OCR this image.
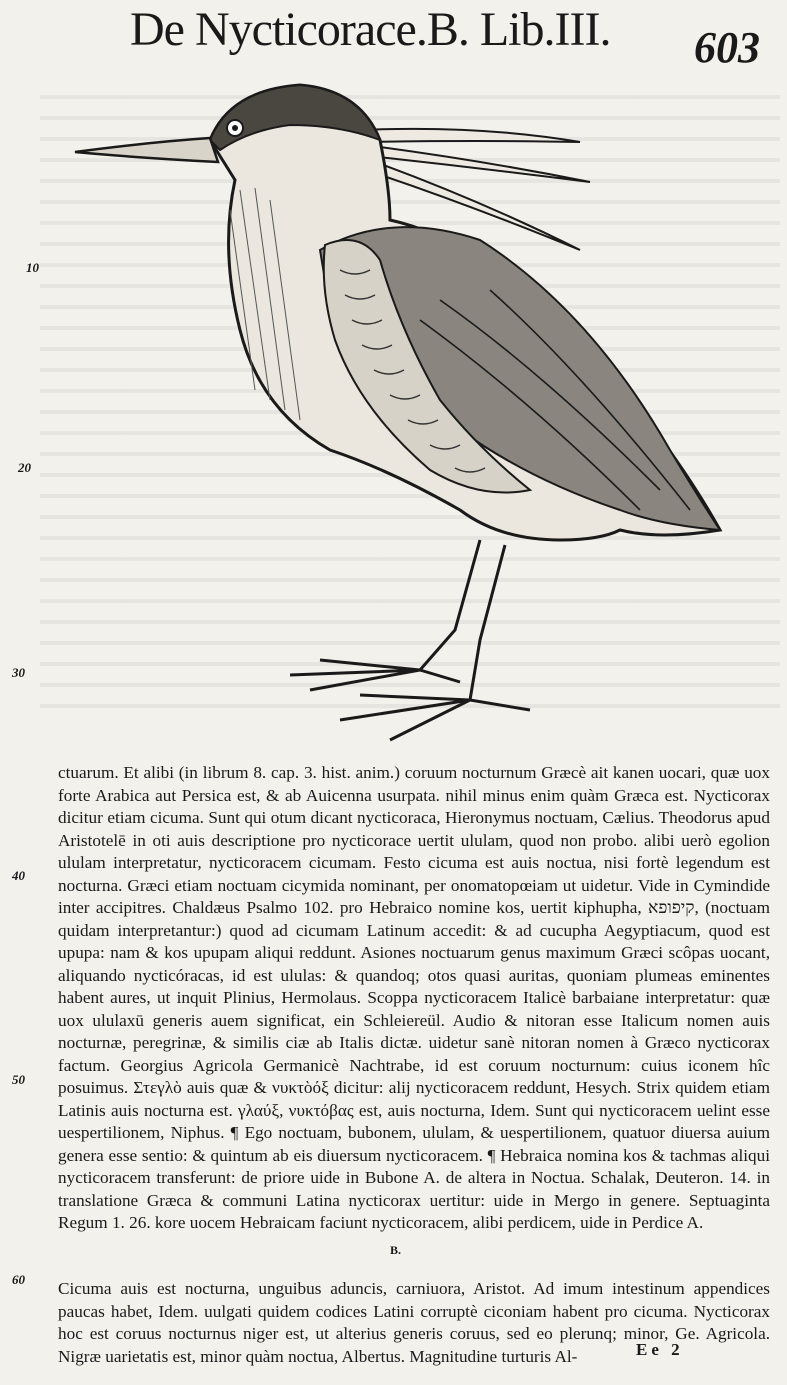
De Nycticorace.B. Lib.III. 603
10
20
30
40
50
60

ctuarum. Et alibi (in librum 8. cap. 3. hist. anim.) coruum nocturnum Græcè ait kanen uocari, quæ uox forte Arabica aut Persica est, & ab Auicenna usurpata. nihil minus enim quàm Græca est. Nycticorax dicitur etiam cicuma. Sunt qui otum dicant nycticoraca, Hieronymus noctuam, Cælius. Theodorus apud Aristotelē in oti auis descriptione pro nycticorace uertit ululam, quod non probo. alibi uerò egolion ululam interpretatur, nycticoracem cicumam. Festo cicuma est auis noctua, nisi fortè legendum est nocturna. Græci etiam noctuam cicymida nominant, per onomatopœiam ut uidetur. Vide in Cymindide inter accipitres. Chaldæus Psalmo 102. pro Hebraico nomine kos, uertit kiphupha, קיפופא, (noctuam quidam interpretantur:) quod ad cicumam Latinum accedit: & ad cucupha Aegyptiacum, quod est upupa: nam & kos upupam aliqui reddunt. Asiones noctuarum genus maximum Græci scôpas uocant, aliquando nycticóracas, id est ululas: & quandoq; otos quasi auritas, quoniam plumeas eminentes habent aures, ut inquit Plinius, Hermolaus. Scoppa nycticoracem Italicè barbaiane interpretatur: quæ uox ululaxū generis auem significat, ein Schleiereül. Audio & nitoran esse Italicum nomen auis nocturnæ, peregrinæ, & similis ciæ ab Italis dictæ. uidetur sanè nitoran nomen à Græco nycticorax factum. Georgius Agricola Germanicè Nachtrabe, id est coruum nocturnum: cuius iconem hîc posuimus. Στεγλὸ auis quæ & νυκτὸόξ dicitur: alij nycticoracem reddunt, Hesych. Strix quidem etiam Latinis auis nocturna est. γλαύξ, νυκτόβας est, auis nocturna, Idem. Sunt qui nycticoracem uelint esse uespertilionem, Niphus. ¶ Ego noctuam, bubonem, ululam, & uespertilionem, quatuor diuersa auium genera esse sentio: & quintum ab eis diuersum nycticoracem. ¶ Hebraica nomina kos & tachmas aliqui nycticoracem transferunt: de priore uide in Bubone A. de altera in Noctua. Schalak, Deuteron. 14. in translatione Græca & communi Latina nycticorax uertitur: uide in Mergo in genere. Septuaginta Regum 1. 26. kore uocem Hebraicam faciunt nycticoracem, alibi perdicem, uide in Perdice A.

B.

Cicuma auis est nocturna, unguibus aduncis, carniuora, Aristot. Ad imum intestinum appendices paucas habet, Idem. uulgati quidem codices Latini corruptè ciconiam habent pro cicuma. Nycticorax hoc est coruus nocturnus niger est, ut alterius generis coruus, sed eo plerunq; minor, Ge. Agricola. Nigræ uarietatis est, minor quàm noctua, Albertus. Magnitudine turturis Al-	Ee 2
